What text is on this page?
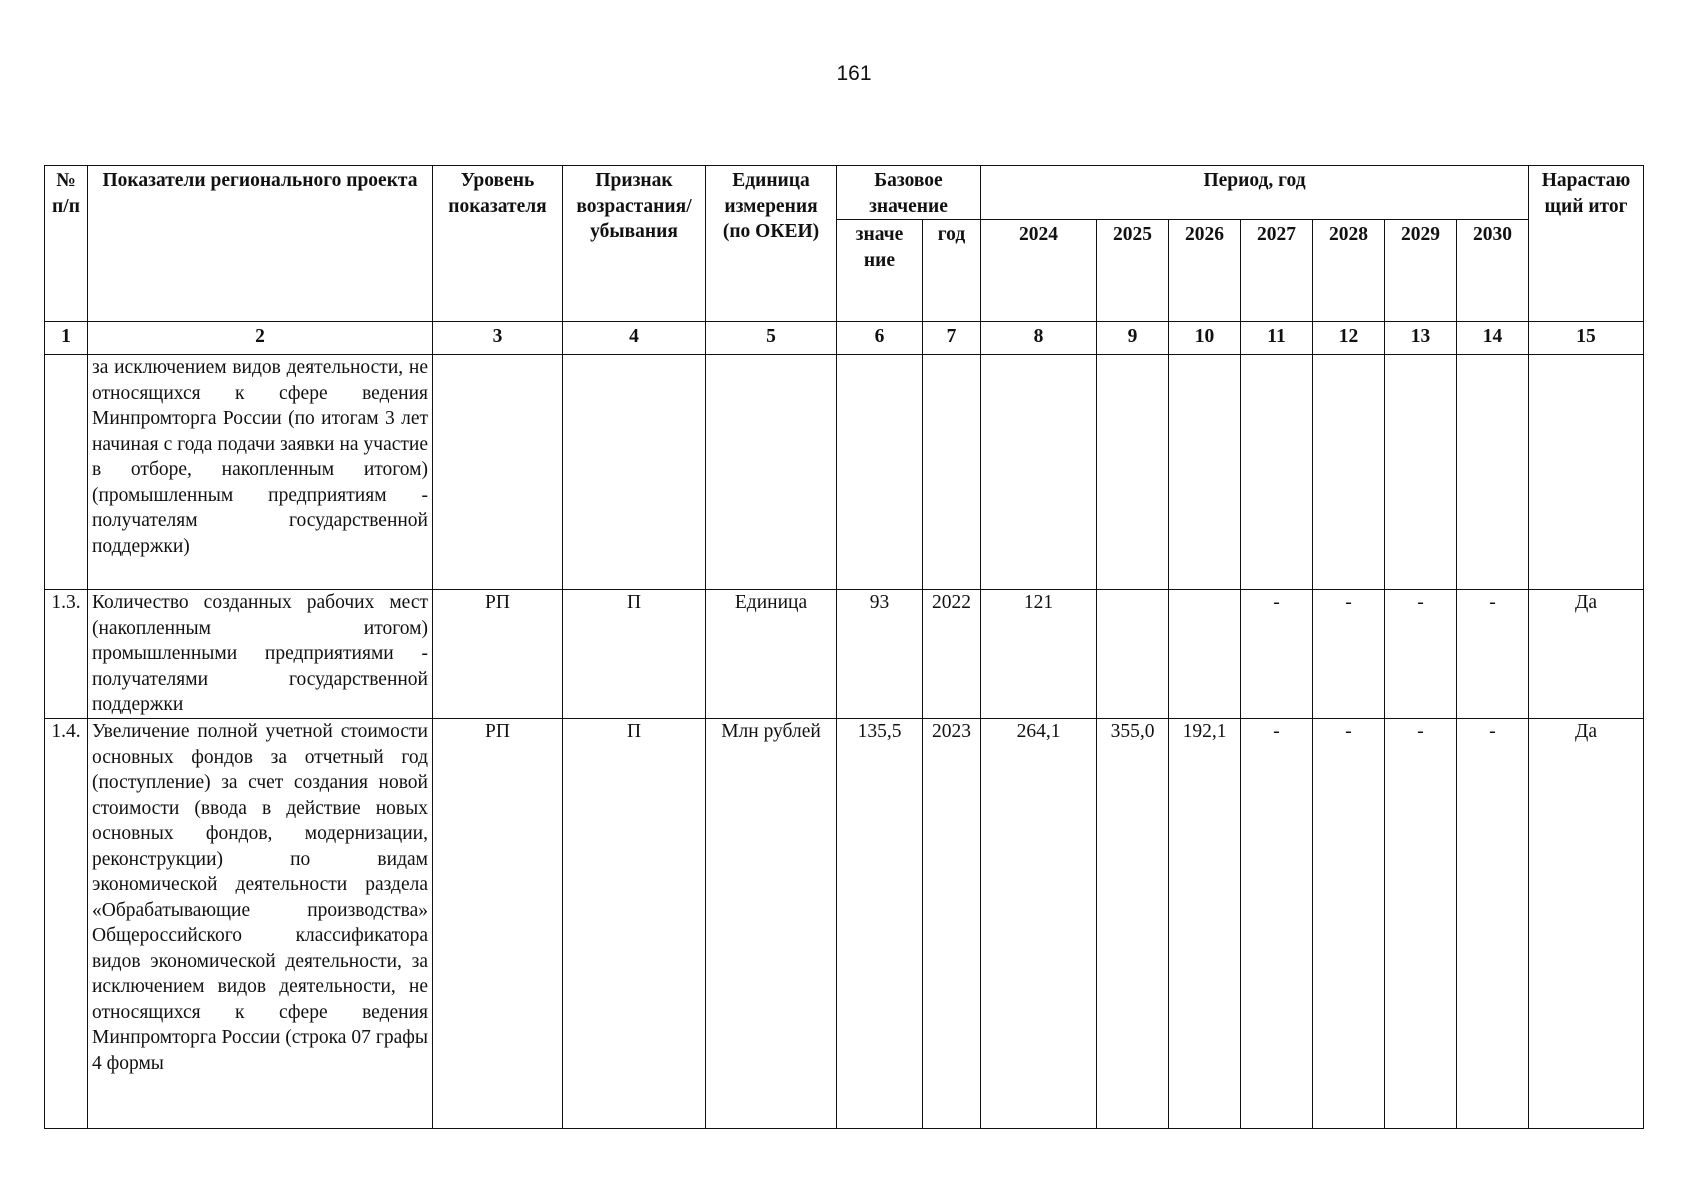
161
№ п/п	Показатели регионального проекта	Уровень показателя	Признак возрастания/ убывания	Единица измерения (по ОКЕИ)	Базовое значение		Период, год							Нарастаю щий итог
					значе ние	год	2024	2025	2026	2027	2028	2029	2030	
1	2	3	4	5	6	7	8	9	10	11	12	13	14	15
	за исключением видов деятельности, не относящихся к сфере ведения Минпромторга России (по итогам 3 лет начиная с года подачи заявки на участие в отборе, накопленным итогом) (промышленным предприятиям - получателям государственной поддержки)													
1.3.	Количество созданных рабочих мест (накопленным итогом) промышленными предприятиями - получателями государственной поддержки	РП	П	Единица	93	2022	121			-	-	-	-	Да
1.4.	Увеличение полной учетной стоимости основных фондов за отчетный год (поступление) за счет создания новой стоимости (ввода в действие новых основных фондов, модернизации, реконструкции) по видам экономической деятельности раздела «Обрабатывающие производства» Общероссийского классификатора видов экономической деятельности, за исключением видов деятельности, не относящихся к сфере ведения Минпромторга России (строка 07 графы 4 формы	РП	П	Млн рублей	135,5	2023	264,1	355,0	192,1	-	-	-	-	Да
